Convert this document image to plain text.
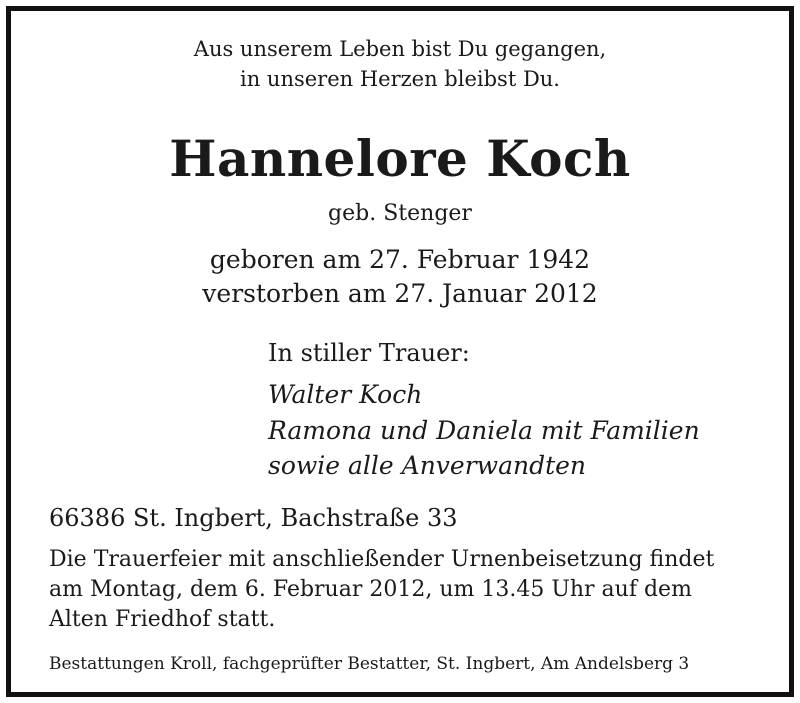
Aus unserem Leben bist Du gegangen,
in unseren Herzen bleibst Du.
Hannelore Koch
geb. Stenger
geboren am 27. Februar 1942
verstorben am 27. Januar 2012
In stiller Trauer:
Walter Koch
Ramona und Daniela mit Familien
sowie alle Anverwandten
66386 St. Ingbert, Bachstraße 33
Die Trauerfeier mit anschließender Urnenbeisetzung findet
am Montag, dem 6. Februar 2012, um 13.45 Uhr auf dem
Alten Friedhof statt.
Bestattungen Kroll, fachgeprüfter Bestatter, St. Ingbert, Am Andelsberg 3
